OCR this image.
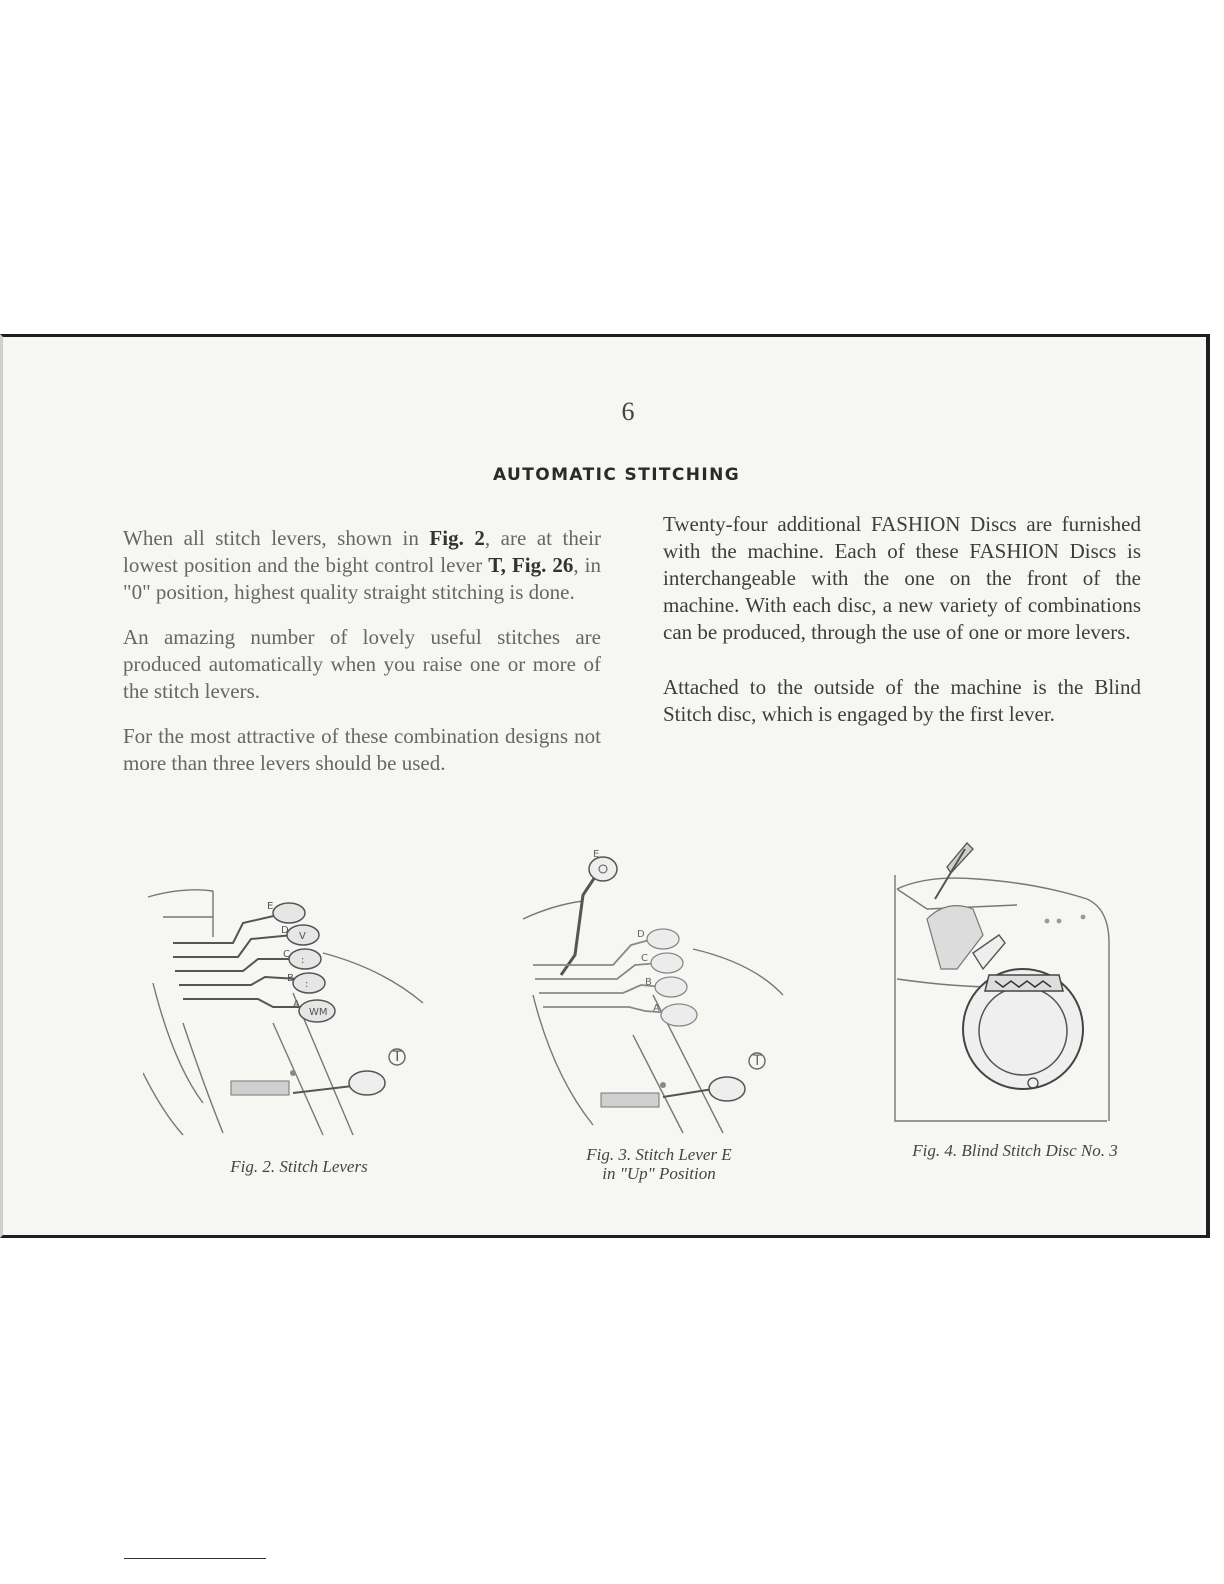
6
AUTOMATIC STITCHING

When all stitch levers, shown in Fig. 2, are at their lowest position and the bight control lever T, Fig. 26, in "0" position, highest quality straight stitching is done.

An amazing number of lovely useful stitches are produced automatically when you raise one or more of the stitch levers.

For the most attractive of these combination designs not more than three levers should be used.

Twenty-four additional FASHION Discs are furnished with the machine. Each of these FASHION Discs is interchangeable with the one on the front of the machine. With each disc, a new variety of combinations can be produced, through the use of one or more levers.

Attached to the outside of the machine is the Blind Stitch disc, which is engaged by the first lever.

E
D
C
B
A
V
:
:
WM
T
Fig. 2. Stitch Levers
E
D
C
B
A
T
Fig. 3. Stitch Lever E
in "Up" Position
Fig. 4. Blind Stitch Disc No. 3
